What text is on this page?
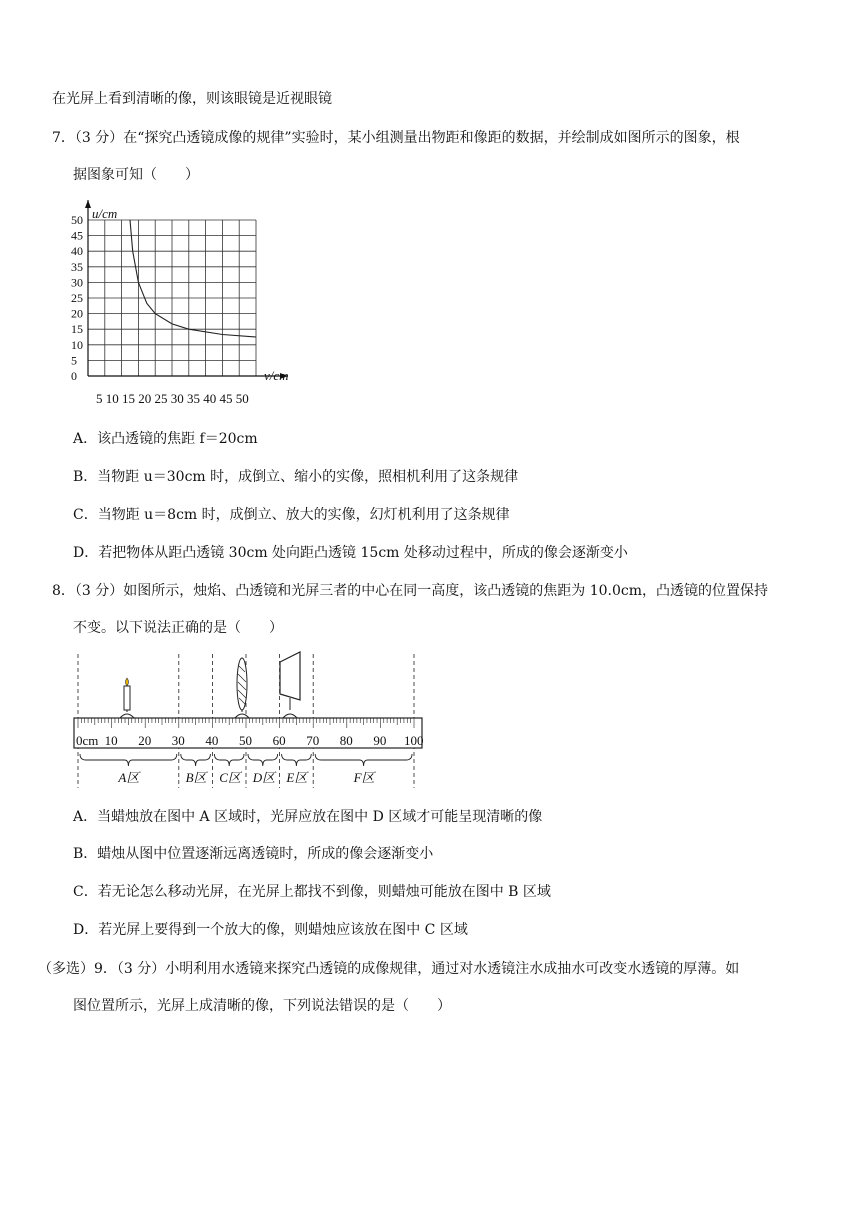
在光屏上看到清晰的像，则该眼镜是近视眼镜
7．（3 分）在“探究凸透镜成像的规律”实验时，某小组测量出物距和像距的数据，并绘制成如图所示的图象，根
据图象可知（　　）
50
45
40
35
30
25
20
15
10
5
0
5 10 15 20 25 30 35 40 45 50
u/cm
v/cm
A．该凸透镜的焦距 f＝20cm
B．当物距 u＝30cm 时，成倒立、缩小的实像，照相机利用了这条规律
C．当物距 u＝8cm 时，成倒立、放大的实像，幻灯机利用了这条规律
D．若把物体从距凸透镜 30cm 处向距凸透镜 15cm 处移动过程中，所成的像会逐渐变小
8．（3 分）如图所示，烛焰、凸透镜和光屏三者的中心在同一高度，该凸透镜的焦距为 10.0cm，凸透镜的位置保持
不变。以下说法正确的是（　　）
0cm 10 20 30 40 50 60 70 80 90 100
A区	B区 C区 D区 E区	F区
A．当蜡烛放在图中 A 区域时，光屏应放在图中 D 区域才可能呈现清晰的像
B．蜡烛从图中位置逐渐远离透镜时，所成的像会逐渐变小
C．若无论怎么移动光屏，在光屏上都找不到像，则蜡烛可能放在图中 B 区域
D．若光屏上要得到一个放大的像，则蜡烛应该放在图中 C 区域
（多选）9．（3 分）小明利用水透镜来探究凸透镜的成像规律，通过对水透镜注水成抽水可改变水透镜的厚薄。如
图位置所示，光屏上成清晰的像，下列说法错误的是（　　）
